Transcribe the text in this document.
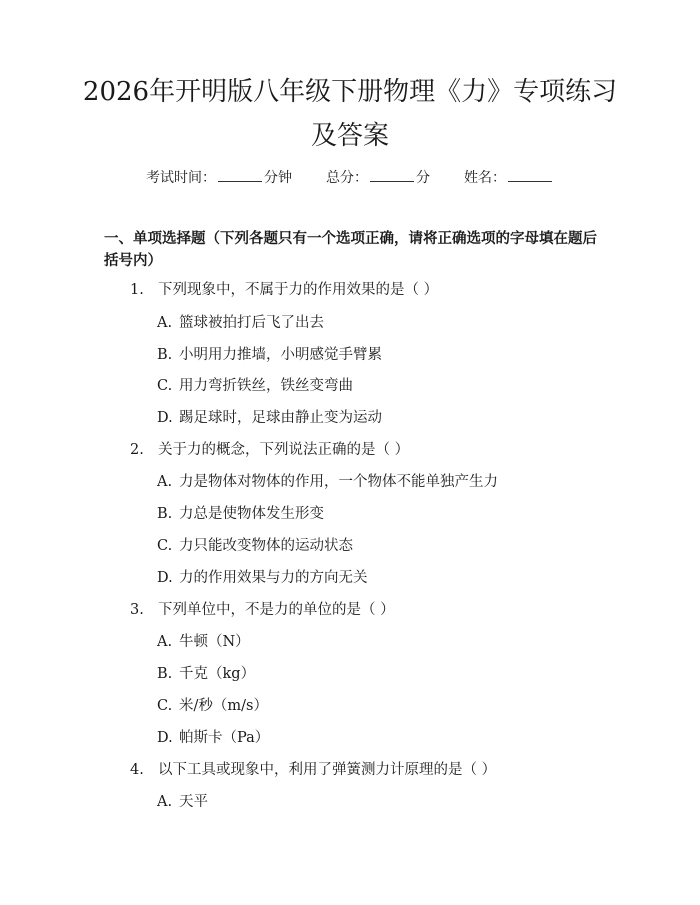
2026年开明版八年级下册物理《力》专项练习及答案
考试时间：	分钟 总分：	分 姓名：

一、单项选择题（下列各题只有一个选项正确，请将正确选项的字母填在题后括号内）

1. 下列现象中，不属于力的作用效果的是（ ）
A. 篮球被拍打后飞了出去
B. 小明用力推墙，小明感觉手臂累
C. 用力弯折铁丝，铁丝变弯曲
D. 踢足球时，足球由静止变为运动
2. 关于力的概念，下列说法正确的是（ ）
A. 力是物体对物体的作用，一个物体不能单独产生力
B. 力总是使物体发生形变
C. 力只能改变物体的运动状态
D. 力的作用效果与力的方向无关
3. 下列单位中，不是力的单位的是（ ）
A. 牛顿（N）
B. 千克（kg）
C. 米/秒（m/s）
D. 帕斯卡（Pa）
4. 以下工具或现象中，利用了弹簧测力计原理的是（ ）
A. 天平
